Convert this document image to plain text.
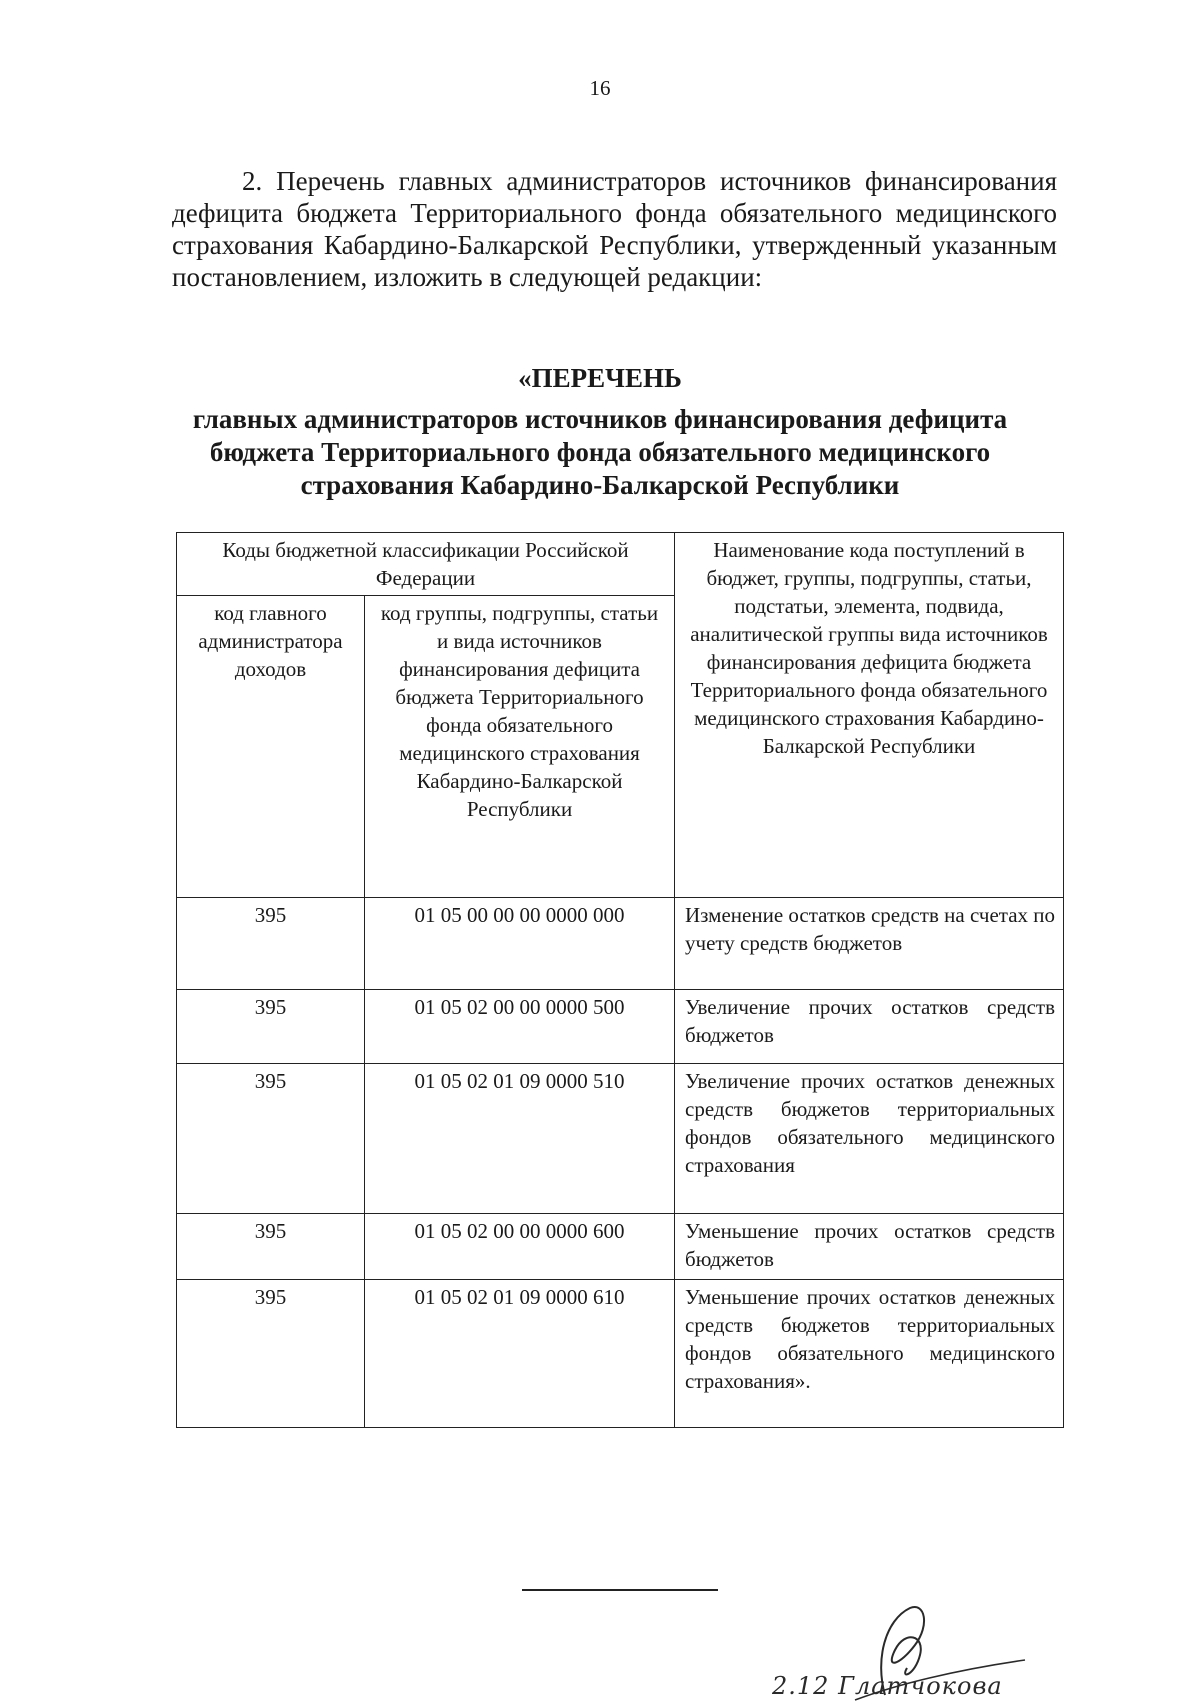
16

2. Перечень главных администраторов источников финансирования дефицита бюджета Территориального фонда обязательного медицинского страхования Кабардино-Балкарской Республики, утвержденный указанным постановлением, изложить в следующей редакции:

«ПЕРЕЧЕНЬ

главных администраторов источников финансирования дефицита

бюджета Территориального фонда обязательного медицинского

страхования Кабардино-Балкарской Республики

Коды бюджетной классификации Российской Федерации		Наименование кода поступлений в бюджет, группы, подгруппы, статьи, подстатьи, элемента, подвида, аналитической группы вида источников финансирования дефицита бюджета Территориального фонда обязательного медицинского страхования Кабардино-Балкарской Республики
код главного администратора доходов	код группы, подгруппы, статьи и вида источников финансирования дефицита бюджета Территориального фонда обязательного медицинского страхования Кабардино-Балкарской Республики	
395	01 05 00 00 00 0000 000	Изменение остатков средств на счетах по учету средств бюджетов
395	01 05 02 00 00 0000 500	Увеличение прочих остатков средств бюджетов
395	01 05 02 01 09 0000 510	Увеличение прочих остатков денежных средств бюджетов территориальных фондов обязательного медицинского страхования
395	01 05 02 00 00 0000 600	Уменьшение прочих остатков средств бюджетов
395	01 05 02 01 09 0000 610	Уменьшение прочих остатков денежных средств бюджетов территориальных фондов обязательного медицинского страхования».
2.12 Глатчокова
